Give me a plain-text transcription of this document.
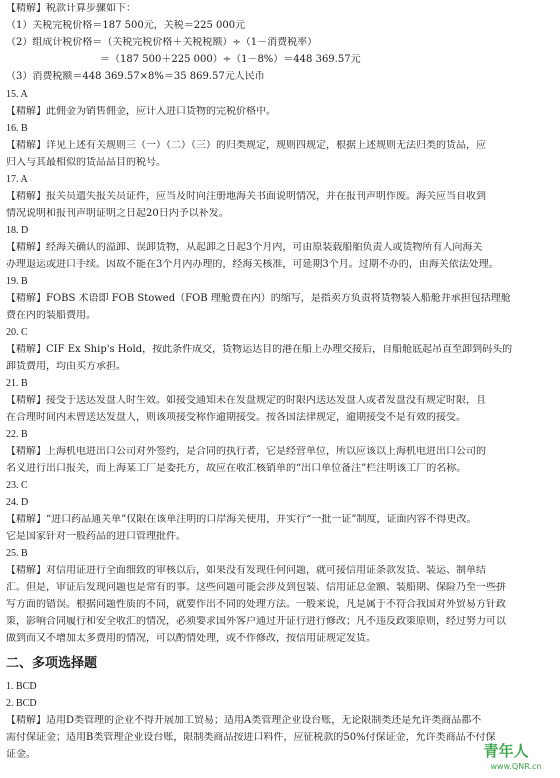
【精解】税款计算步骤如下：
（1）关税完税价格＝187 500元，关税＝225 000元
（2）组成计税价格＝（关税完税价格＋关税税额）÷（1－消费税率）
＝（187 500＋225 000）÷（1－8%）＝448 369.57元
（3）消费税额＝448 369.57×8%＝35 869.57元人民币
15. A
【精解】此佣金为销售佣金，应计入进口货物的完税价格中。
16. B
【精解】详见上述有关规则三（一）（二）（三）的归类规定，规则四规定，根据上述规则无法归类的货品，应
归入与其最相似的货品品目的税号。
17. A
【精解】报关员遗失报关员证件，应当及时向注册地海关书面说明情况，并在报刊声明作废。海关应当自收到
情况说明和报刊声明证明之日起20日内予以补发。
18. D
【精解】经海关确认的溢卸、误卸货物，从起卸之日起3个月内，可由原装载船舶负责人或货物所有人向海关
办理退运或进口手续。因故不能在3个月内办理的，经海关核准，可延期3个月。过期不办的，由海关依法处理。
19. B
【精解】FOBS 术语即 FOB Stowed（FOB 理舱费在内）的缩写，是指卖方负责将货物装入船舱并承担包括理舱
费在内的装船费用。
20. C
【精解】CIF Ex Ship's Hold，按此条件成交，货物运达目的港在船上办理交接后，自船舱底起吊直至卸到码头的
卸货费用，均由买方承担。
21. B
【精解】接受于送达发盘人时生效。如接受通知未在发盘规定的时限内送达发盘人或者发盘没有规定时限，且
在合理时间内未曾送达发盘人，则该项接受称作逾期接受。按各国法律规定，逾期接受不是有效的接受。
22. B
【精解】上海机电进出口公司对外签约，是合同的执行者，它是经营单位，所以应该以上海机电进出口公司的
名义进行出口报关，而上海某工厂是委托方，故应在收汇核销单的“出口单位备注”栏注明该工厂的名称。
23. C
24. D
【精解】“进口药品通关单”仅限在该单注明的口岸海关使用，并实行“一批一证”制度，证面内容不得更改。
它是国家针对一般药品的进口管理批件。
25. B
【精解】对信用证进行全面细致的审核以后，如果没有发现任何问题，就可接信用证条款发货、装运、制单结
汇。但是，审证后发现问题也是常有的事。这些问题可能会涉及到包装、信用证总金额、装船期、保险乃至一些拼
写方面的错误。根据问题性质的不同，就要作出不同的处理方法。一般来说，凡是属于不符合我国对外贸易方针政
策，影响合同履行和安全收汇的情况，必须要求国外客户通过开证行进行修改；凡不违反政策原则，经过努力可以
做到而又不增加太多费用的情况，可以酌情处理，或不作修改，按信用证规定发货。
二、多项选择题
1. BCD
2. BCD
【精解】适用D类管理的企业不得开展加工贸易；适用A类管理企业设台账，无论限制类还是允许类商品都不
需付保证金；适用B类管理企业设台账，限制类商品按进口料件，应征税款的50%付保证金，允许类商品不付保
证金。	青年人
www.QNR.cn
